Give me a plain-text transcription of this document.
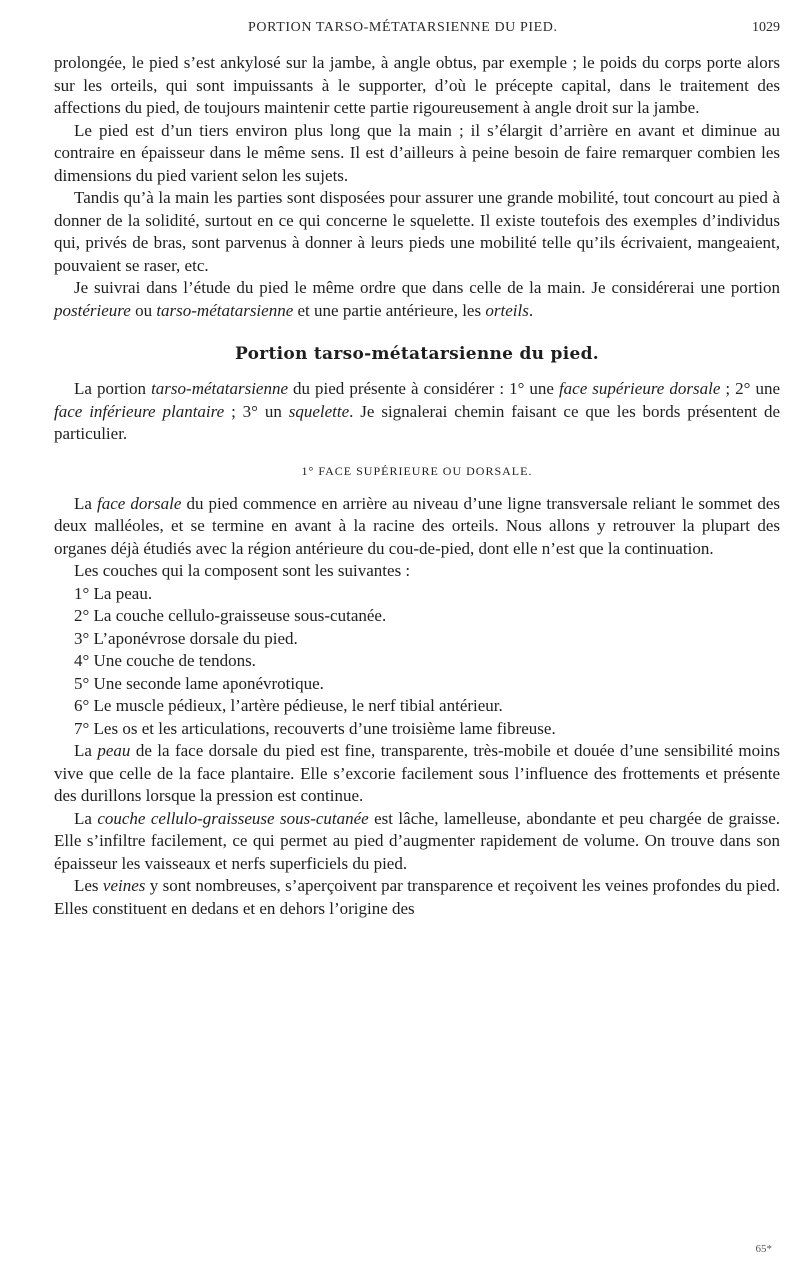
PORTION TARSO-MÉTATARSIENNE DU PIED.	1029

prolongée, le pied s’est ankylosé sur la jambe, à angle obtus, par exemple ; le poids du corps porte alors sur les orteils, qui sont impuissants à le supporter, d’où le précepte capital, dans le traitement des affections du pied, de toujours maintenir cette partie rigoureusement à angle droit sur la jambe.

Le pied est d’un tiers environ plus long que la main ; il s’élargit d’arrière en avant et diminue au contraire en épaisseur dans le même sens. Il est d’ailleurs à peine besoin de faire remarquer combien les dimensions du pied varient selon les sujets.

Tandis qu’à la main les parties sont disposées pour assurer une grande mobilité, tout concourt au pied à donner de la solidité, surtout en ce qui concerne le squelette. Il existe toutefois des exemples d’individus qui, privés de bras, sont parvenus à donner à leurs pieds une mobilité telle qu’ils écrivaient, mangeaient, pouvaient se raser, etc.

Je suivrai dans l’étude du pied le même ordre que dans celle de la main. Je considérerai une portion postérieure ou tarso-métatarsienne et une partie antérieure, les orteils.

Portion tarso-métatarsienne du pied.

La portion tarso-métatarsienne du pied présente à considérer : 1° une face supérieure dorsale ; 2° une face inférieure plantaire ; 3° un squelette. Je signalerai chemin faisant ce que les bords présentent de particulier.

1° FACE SUPÉRIEURE OU DORSALE.

La face dorsale du pied commence en arrière au niveau d’une ligne transversale reliant le sommet des deux malléoles, et se termine en avant à la racine des orteils. Nous allons y retrouver la plupart des organes déjà étudiés avec la région antérieure du cou-de-pied, dont elle n’est que la continuation.

Les couches qui la composent sont les suivantes :

1° La peau.

2° La couche cellulo-graisseuse sous-cutanée.

3° L’aponévrose dorsale du pied.

4° Une couche de tendons.

5° Une seconde lame aponévrotique.

6° Le muscle pédieux, l’artère pédieuse, le nerf tibial antérieur.

7° Les os et les articulations, recouverts d’une troisième lame fibreuse.

La peau de la face dorsale du pied est fine, transparente, très-mobile et douée d’une sensibilité moins vive que celle de la face plantaire. Elle s’excorie facilement sous l’influence des frottements et présente des durillons lorsque la pression est continue.

La couche cellulo-graisseuse sous-cutanée est lâche, lamelleuse, abondante et peu chargée de graisse. Elle s’infiltre facilement, ce qui permet au pied d’augmenter rapidement de volume. On trouve dans son épaisseur les vaisseaux et nerfs superficiels du pied.

Les veines y sont nombreuses, s’aperçoivent par transparence et reçoivent les veines profondes du pied. Elles constituent en dedans et en dehors l’origine des

65*
